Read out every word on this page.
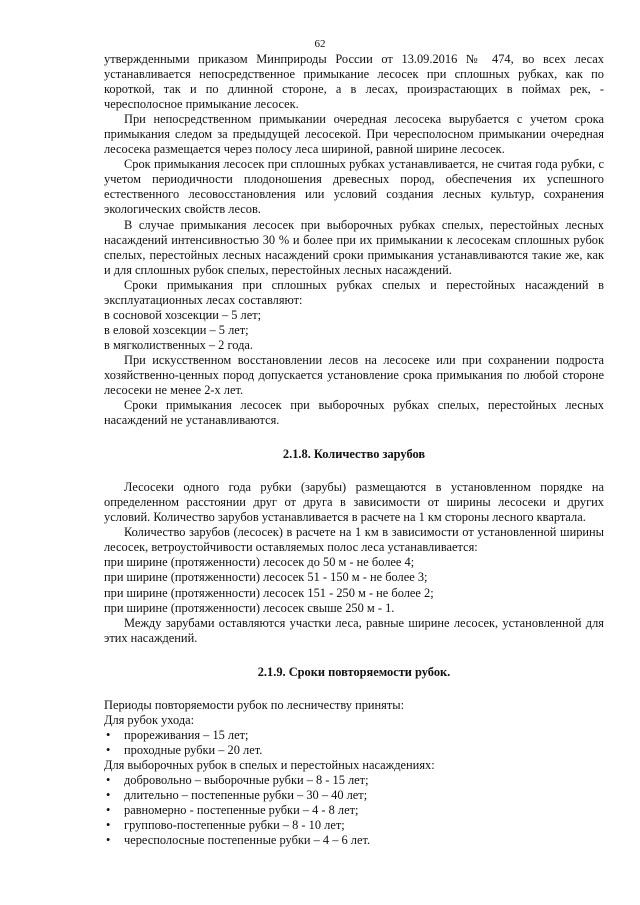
62

утвержденными приказом Минприроды России от 13.09.2016 № 474, во всех лесах устанавливается непосредственное примыкание лесосек при сплошных рубках, как по короткой, так и по длинной стороне, а в лесах, произрастающих в поймах рек, - чересполосное примыкание лесосек.

При непосредственном примыкании очередная лесосека вырубается с учетом срока примыкания следом за предыдущей лесосекой. При чересполосном примыкании очередная лесосека размещается через полосу леса шириной, равной ширине лесосек.

Срок примыкания лесосек при сплошных рубках устанавливается, не считая года рубки, с учетом периодичности плодоношения древесных пород, обеспечения их успешного естественного лесовосстановления или условий создания лесных культур, сохранения экологических свойств лесов.

В случае примыкания лесосек при выборочных рубках спелых, перестойных лесных насаждений интенсивностью 30 % и более при их примыкании к лесосекам сплошных рубок спелых, перестойных лесных насаждений сроки примыкания устанавливаются такие же, как и для сплошных рубок спелых, перестойных лесных насаждений.

Сроки примыкания при сплошных рубках спелых и перестойных насаждений в эксплуатационных лесах составляют:

в сосновой хозсекции – 5 лет;

в еловой хозсекции – 5 лет;

в мягколиственных – 2 года.

При искусственном восстановлении лесов на лесосеке или при сохранении подроста хозяйственно-ценных пород допускается установление срока примыкания по любой стороне лесосеки не менее 2-х лет.

Сроки примыкания лесосек при выборочных рубках спелых, перестойных лесных насаждений не устанавливаются.

2.1.8. Количество зарубов

Лесосеки одного года рубки (зарубы) размещаются в установленном порядке на определенном расстоянии друг от друга в зависимости от ширины лесосеки и других условий. Количество зарубов устанавливается в расчете на 1 км стороны лесного квартала.

Количество зарубов (лесосек) в расчете на 1 км в зависимости от установленной ширины лесосек, ветроустойчивости оставляемых полос леса устанавливается:

при ширине (протяженности) лесосек до 50 м - не более 4;

при ширине (протяженности) лесосек 51 - 150 м - не более 3;

при ширине (протяженности) лесосек 151 - 250 м - не более 2;

при ширине (протяженности) лесосек свыше 250 м - 1.

Между зарубами оставляются участки леса, равные ширине лесосек, установленной для этих насаждений.

2.1.9. Сроки повторяемости рубок.

Периоды повторяемости рубок по лесничеству приняты:

Для рубок ухода:

• прореживания – 15 лет;
• проходные рубки – 20 лет.

Для выборочных рубок в спелых и перестойных насаждениях:

• добровольно – выборочные рубки – 8 - 15 лет;
• длительно – постепенные рубки – 30 – 40 лет;
• равномерно - постепенные рубки – 4 - 8 лет;
• группово-постепенные рубки – 8 - 10 лет;
• чересполосные постепенные рубки – 4 – 6 лет.
